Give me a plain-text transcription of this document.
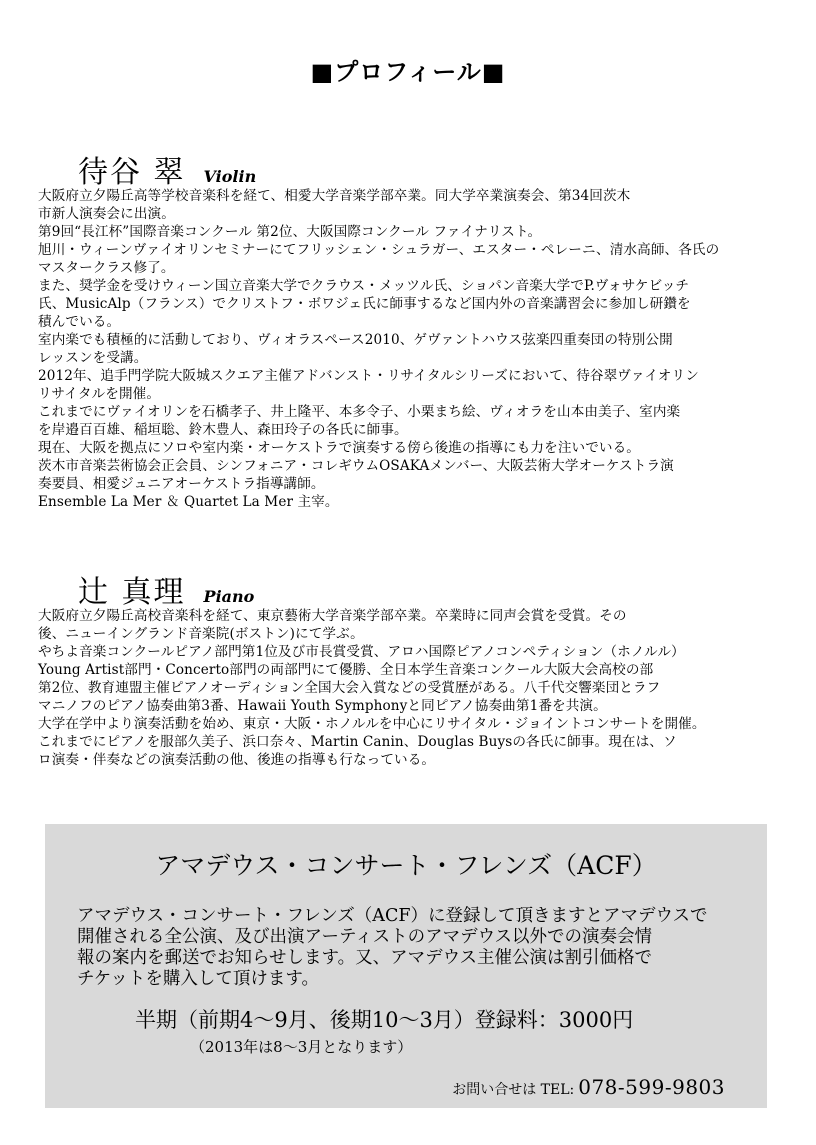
■プロフィール■
待谷 翠 Violin
大阪府立夕陽丘高等学校音楽科を経て、相愛大学音楽学部卒業。同大学卒業演奏会、第34回茨木
市新人演奏会に出演。
第9回“長江杯”国際音楽コンクール 第2位、大阪国際コンクール ファイナリスト。
旭川・ウィーンヴァイオリンセミナーにてフリッシェン・シュラガー、エスター・ペレーニ、清水高師、各氏の
マスタークラス修了。
また、奨学金を受けウィーン国立音楽大学でクラウス・メッツル氏、ショパン音楽大学でP.ヴォサケビッチ
氏、MusicAlp（フランス）でクリストフ・ボワジェ氏に師事するなど国内外の音楽講習会に参加し研鑽を
積んでいる。
室内楽でも積極的に活動しており、ヴィオラスペース2010、ゲヴァントハウス弦楽四重奏団の特別公開
レッスンを受講。
2012年、追手門学院大阪城スクエア主催アドバンスト・リサイタルシリーズにおいて、待谷翠ヴァイオリン
リサイタルを開催。
これまでにヴァイオリンを石橋孝子、井上隆平、本多令子、小栗まち絵、ヴィオラを山本由美子、室内楽
を岸邉百百雄、稲垣聡、鈴木豊人、森田玲子の各氏に師事。
現在、大阪を拠点にソロや室内楽・オーケストラで演奏する傍ら後進の指導にも力を注いでいる。
茨木市音楽芸術協会正会員、シンフォニア・コレギウムOSAKAメンバー、大阪芸術大学オーケストラ演
奏要員、相愛ジュニアオーケストラ指導講師。
Ensemble La Mer ＆ Quartet La Mer 主宰。
辻 真理 Piano
大阪府立夕陽丘高校音楽科を経て、東京藝術大学音楽学部卒業。卒業時に同声会賞を受賞。その
後、ニューイングランド音楽院(ボストン)にて学ぶ。
やちよ音楽コンクールピアノ部門第1位及び市長賞受賞、アロハ国際ピアノコンペティション（ホノルル）
Young Artist部門・Concerto部門の両部門にて優勝、全日本学生音楽コンクール大阪大会高校の部
第2位、教育連盟主催ピアノオーディション全国大会入賞などの受賞歴がある。八千代交響楽団とラフ
マニノフのピアノ協奏曲第3番、Hawaii Youth Symphonyと同ピアノ協奏曲第1番を共演。
大学在学中より演奏活動を始め、東京・大阪・ホノルルを中心にリサイタル・ジョイントコンサートを開催。
これまでにピアノを服部久美子、浜口奈々、Martin Canin、Douglas Buysの各氏に師事。現在は、ソ
ロ演奏・伴奏などの演奏活動の他、後進の指導も行なっている。
アマデウス・コンサート・フレンズ（ACF）
アマデウス・コンサート・フレンズ（ACF）に登録して頂きますとアマデウスで
開催される全公演、及び出演アーティストのアマデウス以外での演奏会情
報の案内を郵送でお知らせします。又、アマデウス主催公演は割引価格で
チケットを購入して頂けます。
半期（前期4～9月、後期10～3月）登録料：3000円
（2013年は8～3月となります）
お問い合せは TEL: 078-599-9803
